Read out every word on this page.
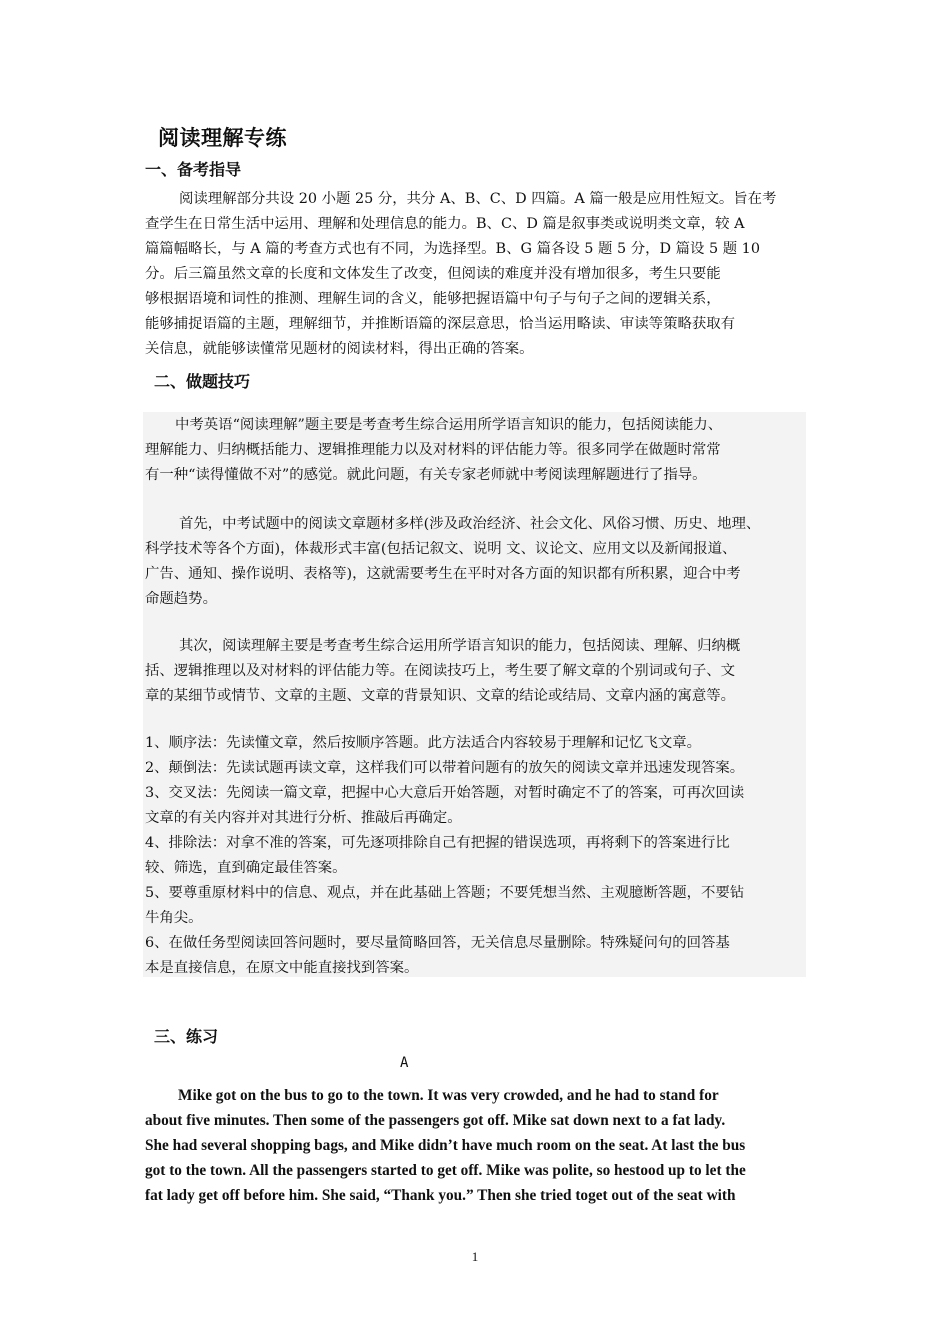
阅读理解专练
一、备考指导
阅读理解部分共设 20 小题 25 分，共分 A、B、C、D 四篇。A 篇一般是应用性短文。旨在考
查学生在日常生活中运用、理解和处理信息的能力。B、C、D 篇是叙事类或说明类文章，较 A
篇篇幅略长，与 A 篇的考查方式也有不同，为选择型。B、G 篇各设 5 题 5 分，D 篇设 5 题 10
分。后三篇虽然文章的长度和文体发生了改变，但阅读的难度并没有增加很多，考生只要能
够根据语境和词性的推测、理解生词的含义，能够把握语篇中句子与句子之间的逻辑关系，
能够捕捉语篇的主题，理解细节，并推断语篇的深层意思，恰当运用略读、审读等策略获取有
关信息，就能够读懂常见题材的阅读材料，得出正确的答案。
二、做题技巧

中考英语“阅读理解”题主要是考查考生综合运用所学语言知识的能力，包括阅读能力、

理解能力、归纳概括能力、逻辑推理能力以及对材料的评估能力等。很多同学在做题时常常

有一种“读得懂做不对”的感觉。就此问题，有关专家老师就中考阅读理解题进行了指导。

首先，中考试题中的阅读文章题材多样(涉及政治经济、社会文化、风俗习惯、历史、地理、

科学技术等各个方面)，体裁形式丰富(包括记叙文、说明 文、议论文、应用文以及新闻报道、

广告、通知、操作说明、表格等)，这就需要考生在平时对各方面的知识都有所积累，迎合中考

命题趋势。

其次，阅读理解主要是考查考生综合运用所学语言知识的能力，包括阅读、理解、归纳概

括、逻辑推理以及对材料的评估能力等。在阅读技巧上，考生要了解文章的个别词或句子、文

章的某细节或情节、文章的主题、文章的背景知识、文章的结论或结局、文章内涵的寓意等。

1、顺序法：先读懂文章，然后按顺序答题。此方法适合内容较易于理解和记忆飞文章。

2、颠倒法：先读试题再读文章，这样我们可以带着问题有的放矢的阅读文章并迅速发现答案。

3、交叉法：先阅读一篇文章，把握中心大意后开始答题，对暂时确定不了的答案，可再次回读

文章的有关内容并对其进行分析、推敲后再确定。

4、排除法：对拿不准的答案，可先逐项排除自己有把握的错误选项，再将剩下的答案进行比

较、筛选，直到确定最佳答案。

5、要尊重原材料中的信息、观点，并在此基础上答题；不要凭想当然、主观臆断答题，不要钻

牛角尖。

6、在做任务型阅读回答问题时，要尽量简略回答，无关信息尽量删除。特殊疑问句的回答基

本是直接信息，在原文中能直接找到答案。

三、练习
A

Mike got on the bus to go to the town. It was very crowded, and he had to stand for

about five minutes. Then some of the passengers got off. Mike sat down next to a fat lady.

She had several shopping bags, and Mike didn’t have much room on the seat. At last the bus

got to the town. All the passengers started to get off. Mike was polite, so hestood up to let the

fat lady get off before him. She said, “Thank you.” Then she tried toget out of the seat with

1
